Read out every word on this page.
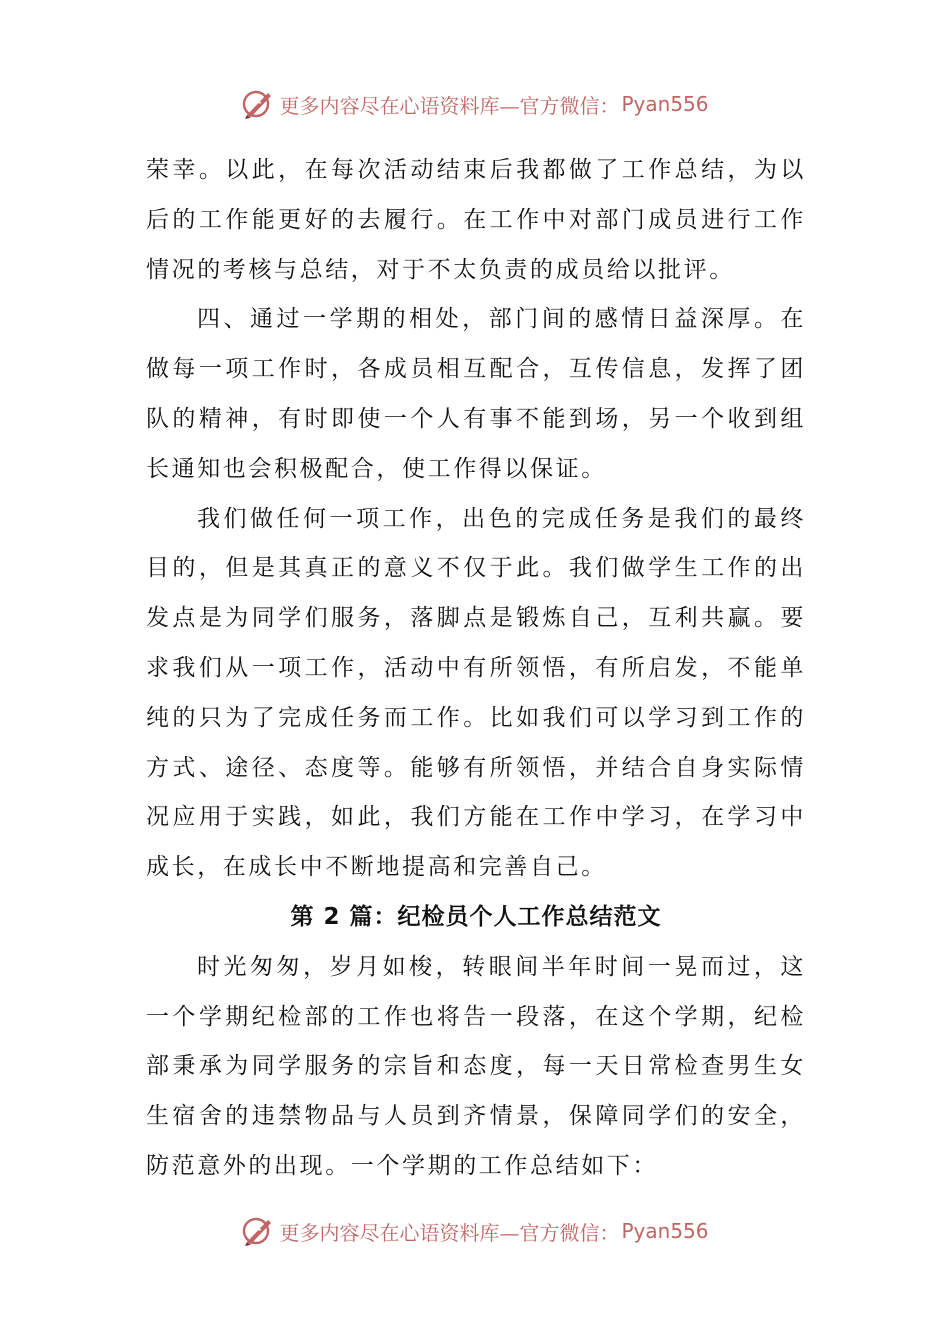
更多内容尽在心语资料库—官方微信： Pyan556

荣幸。以此，在每次活动结束后我都做了工作总结，为以后的工作能更好的去履行。在工作中对部门成员进行工作情况的考核与总结，对于不太负责的成员给以批评。

四、通过一学期的相处，部门间的感情日益深厚。在做每一项工作时，各成员相互配合，互传信息，发挥了团队的精神，有时即使一个人有事不能到场，另一个收到组长通知也会积极配合，使工作得以保证。

我们做任何一项工作，出色的完成任务是我们的最终目的，但是其真正的意义不仅于此。我们做学生工作的出发点是为同学们服务，落脚点是锻炼自己，互利共赢。要求我们从一项工作，活动中有所领悟，有所启发，不能单纯的只为了完成任务而工作。比如我们可以学习到工作的方式、途径、态度等。能够有所领悟，并结合自身实际情况应用于实践，如此，我们方能在工作中学习，在学习中成长，在成长中不断地提高和完善自己。

第 2 篇：纪检员个人工作总结范文

时光匆匆，岁月如梭，转眼间半年时间一晃而过，这一个学期纪检部的工作也将告一段落，在这个学期，纪检部秉承为同学服务的宗旨和态度，每一天日常检查男生女生宿舍的违禁物品与人员到齐情景，保障同学们的安全，防范意外的出现。一个学期的工作总结如下：

更多内容尽在心语资料库—官方微信： Pyan556
